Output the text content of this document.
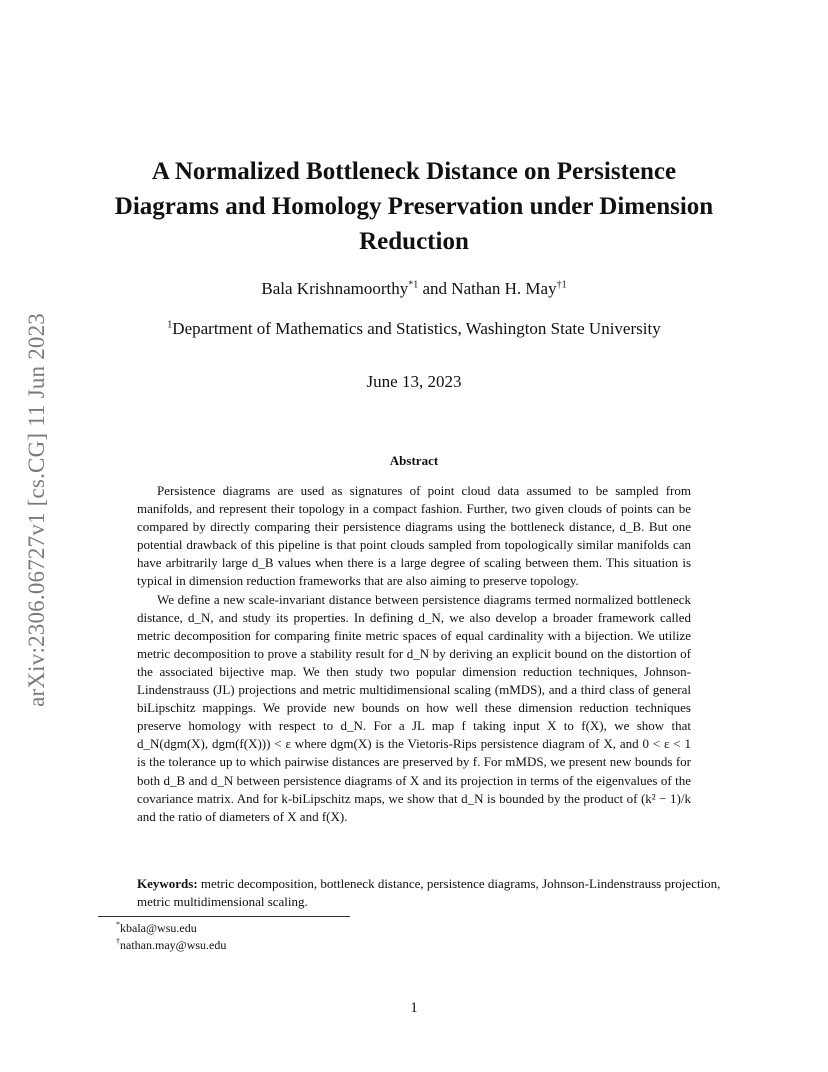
arXiv:2306.06727v1 [cs.CG] 11 Jun 2023
A Normalized Bottleneck Distance on Persistence Diagrams and Homology Preservation under Dimension Reduction
Bala Krishnamoorthy$^{*1}$ and Nathan H. May$^{\dagger 1}$
$^1$Department of Mathematics and Statistics, Washington State University
June 13, 2023
Abstract

Persistence diagrams are used as signatures of point cloud data assumed to be sampled from manifolds, and represent their topology in a compact fashion. Further, two given clouds of points can be compared by directly comparing their persistence diagrams using the bottleneck distance, d_B. But one potential drawback of this pipeline is that point clouds sampled from topologically similar manifolds can have arbitrarily large d_B values when there is a large degree of scaling between them. This situation is typical in dimension reduction frameworks that are also aiming to preserve topology.

We define a new scale-invariant distance between persistence diagrams termed normalized bottleneck distance, d_N, and study its properties. In defining d_N, we also develop a broader framework called metric decomposition for comparing finite metric spaces of equal cardinality with a bijection. We utilize metric decomposition to prove a stability result for d_N by deriving an explicit bound on the distortion of the associated bijective map. We then study two popular dimension reduction techniques, Johnson-Lindenstrauss (JL) projections and metric multidimensional scaling (mMDS), and a third class of general biLipschitz mappings. We provide new bounds on how well these dimension reduction techniques preserve homology with respect to d_N. For a JL map f taking input X to f(X), we show that d_N(dgm(X), dgm(f(X))) < ε where dgm(X) is the Vietoris-Rips persistence diagram of X, and 0 < ε < 1 is the tolerance up to which pairwise distances are preserved by f. For mMDS, we present new bounds for both d_B and d_N between persistence diagrams of X and its projection in terms of the eigenvalues of the covariance matrix. And for k-biLipschitz maps, we show that d_N is bounded by the product of (k² − 1)/k and the ratio of diameters of X and f(X).

Keywords: metric decomposition, bottleneck distance, persistence diagrams, Johnson-Lindenstrauss projection, metric multidimensional scaling.
*kbala@wsu.edu
†nathan.may@wsu.edu
1
